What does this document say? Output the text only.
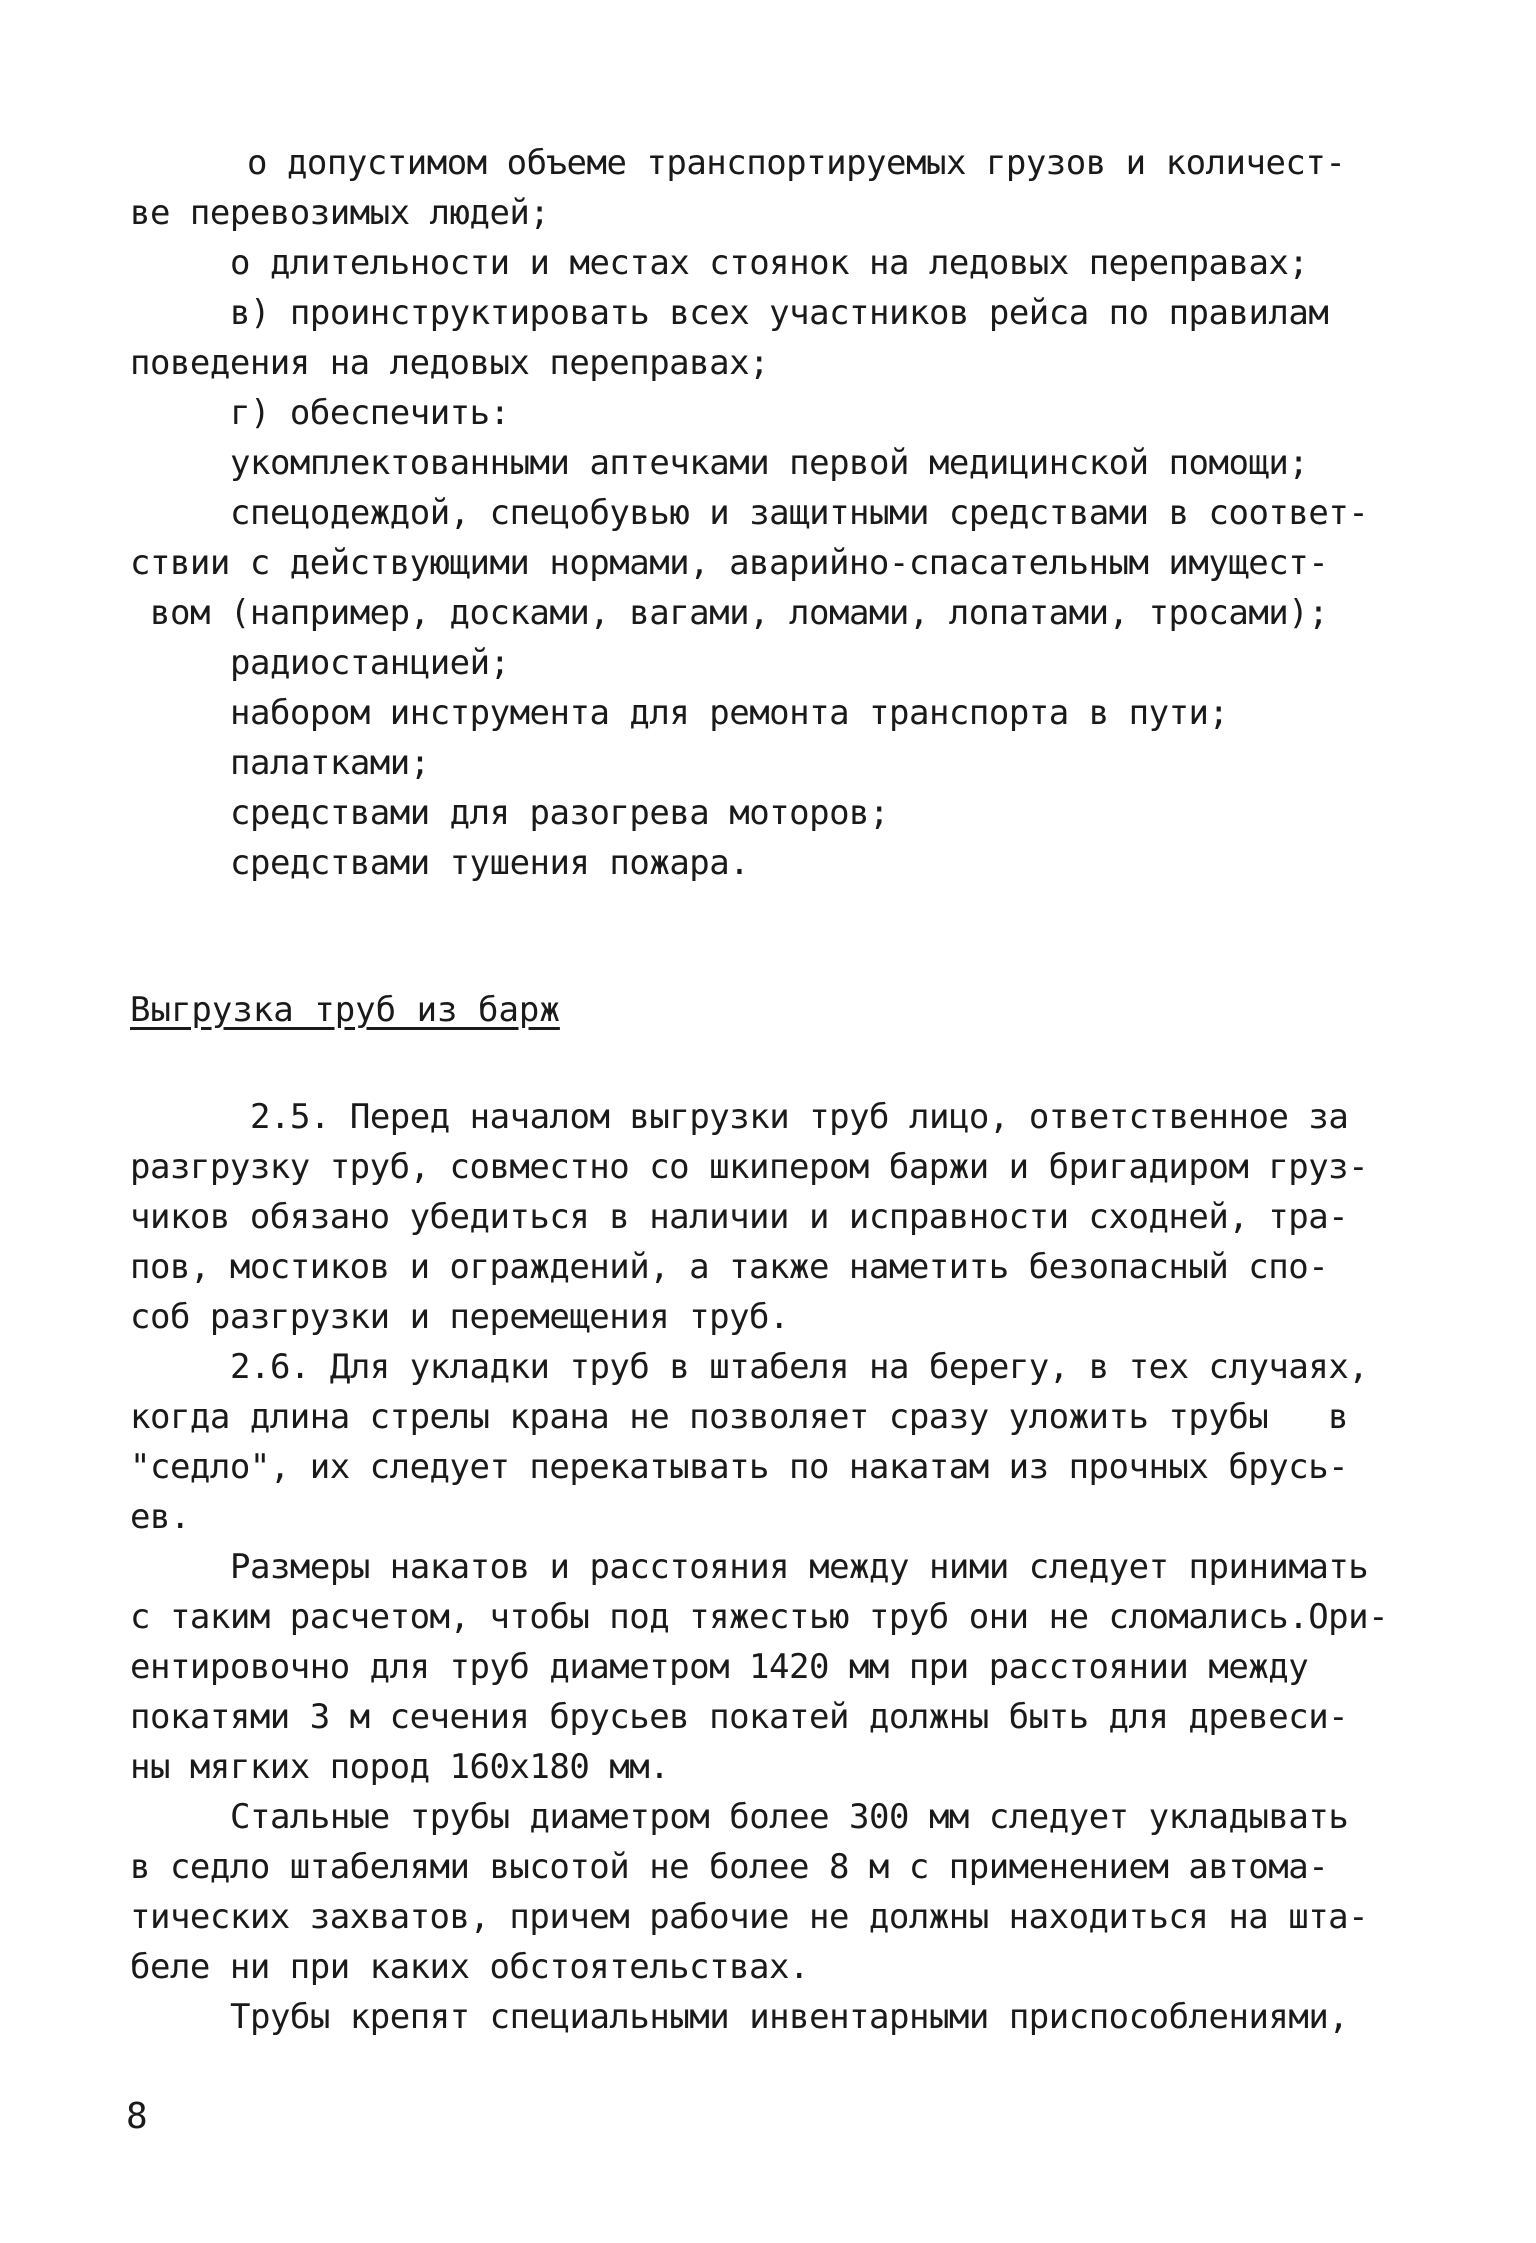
о допустимом объеме транспортируемых грузов и количест-
ве перевозимых людей;
о длительности и местах стоянок на ледовых переправах;
в) проинструктировать всех участников рейса по правилам
поведения на ледовых переправах;
г) обеспечить:
укомплектованными аптечками первой медицинской помощи;
спецодеждой, спецобувью и защитными средствами в соответ-
ствии с действующими нормами, аварийно-спасательным имущест-
вом (например, досками, вагами, ломами, лопатами, тросами);
радиостанцией;
набором инструмента для ремонта транспорта в пути;
палатками;
средствами для разогрева моторов;
средствами тушения пожара.
Выгрузка труб из барж
2.5. Перед началом выгрузки труб лицо, ответственное за
разгрузку труб, совместно со шкипером баржи и бригадиром груз-
чиков обязано убедиться в наличии и исправности сходней, тра-
пов, мостиков и ограждений, а также наметить безопасный спо-
соб разгрузки и перемещения труб.
2.6. Для укладки труб в штабеля на берегу, в тех случаях,
когда длина стрелы крана не позволяет сразу уложить трубы   в
"седло", их следует перекатывать по накатам из прочных брусь-
ев.
Размеры накатов и расстояния между ними следует принимать
с таким расчетом, чтобы под тяжестью труб они не сломались.Ори-
ентировочно для труб диаметром 1420 мм при расстоянии между
покатями 3 м сечения брусьев покатей должны быть для древеси-
ны мягких пород 160х180 мм.
Стальные трубы диаметром более 300 мм следует укладывать
в седло штабелями высотой не более 8 м с применением автома-
тических захватов, причем рабочие не должны находиться на шта-
беле ни при каких обстоятельствах.
Трубы крепят специальными инвентарными приспособлениями,
8
